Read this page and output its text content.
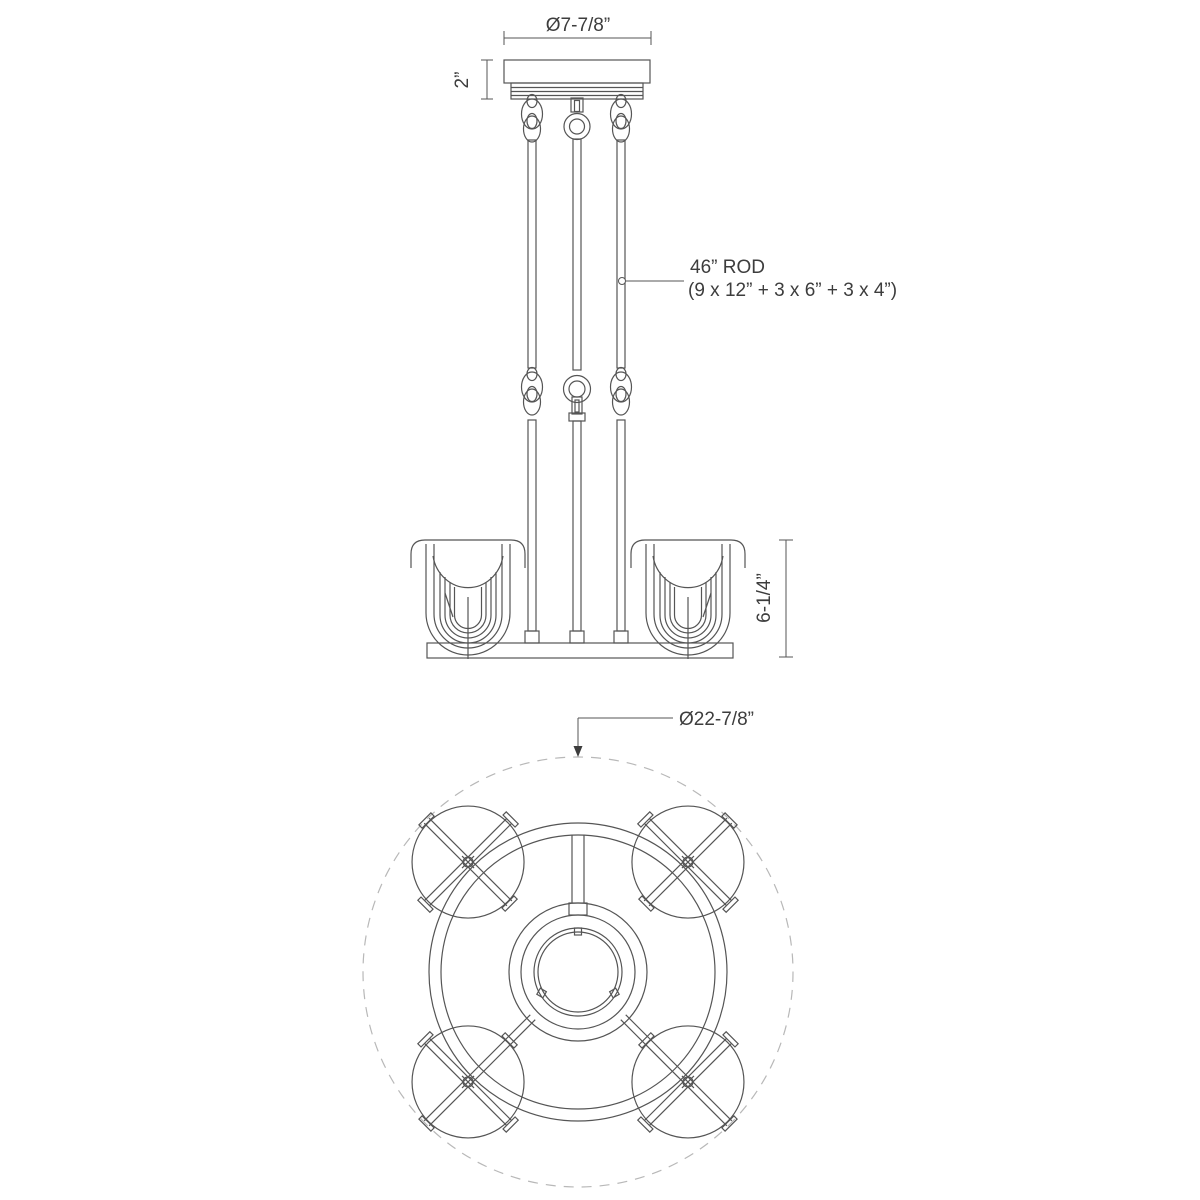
Ø7-7/8”
2”
46” ROD
(9 x 12” + 3 x 6” + 3 x 4”)
6-1/4”
Ø22-7/8”
